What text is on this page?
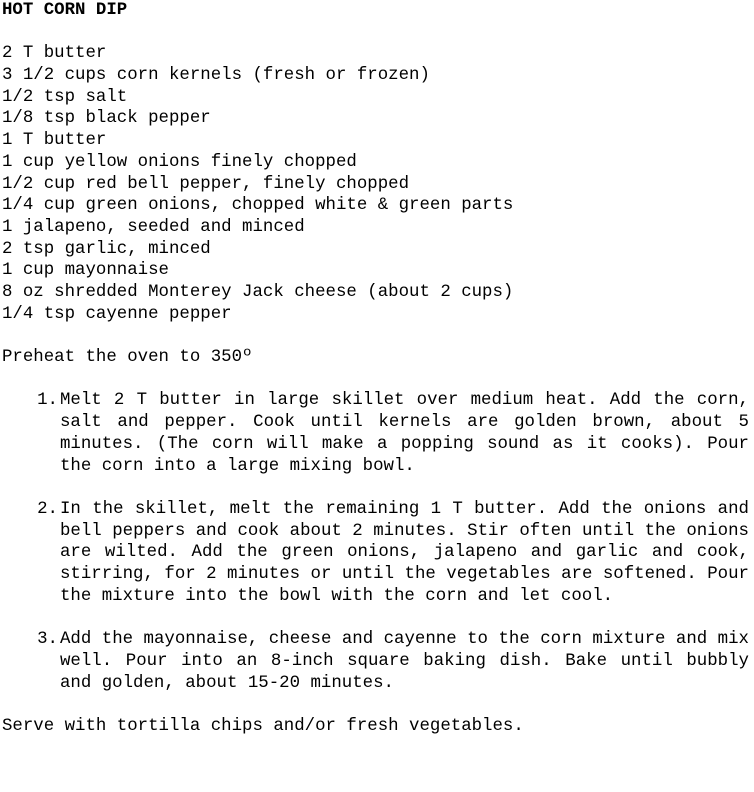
HOT CORN DIP
2 T butter
3 1/2 cups corn kernels (fresh or frozen)
1/2 tsp salt
1/8 tsp black pepper
1 T butter
1 cup yellow onions finely chopped
1/2 cup red bell pepper, finely chopped
1/4 cup green onions, chopped white & green parts
1 jalapeno, seeded and minced
2 tsp garlic, minced
1 cup mayonnaise
8 oz shredded Monterey Jack cheese (about 2 cups)
1/4 tsp cayenne pepper
Preheat the oven to 350º
1. Melt 2 T butter in large skillet over medium heat. Add the corn, salt and pepper. Cook until kernels are golden brown, about 5 minutes. (The corn will make a popping sound as it cooks). Pour the corn into a large mixing bowl.
2. In the skillet, melt the remaining 1 T butter. Add the onions and bell peppers and cook about 2 minutes. Stir often until the onions are wilted. Add the green onions, jalapeno and garlic and cook, stirring, for 2 minutes or until the vegetables are softened. Pour the mixture into the bowl with the corn and let cool.
3. Add the mayonnaise, cheese and cayenne to the corn mixture and mix well. Pour into an 8-inch square baking dish. Bake until bubbly and golden, about 15-20 minutes.
Serve with tortilla chips and/or fresh vegetables.
